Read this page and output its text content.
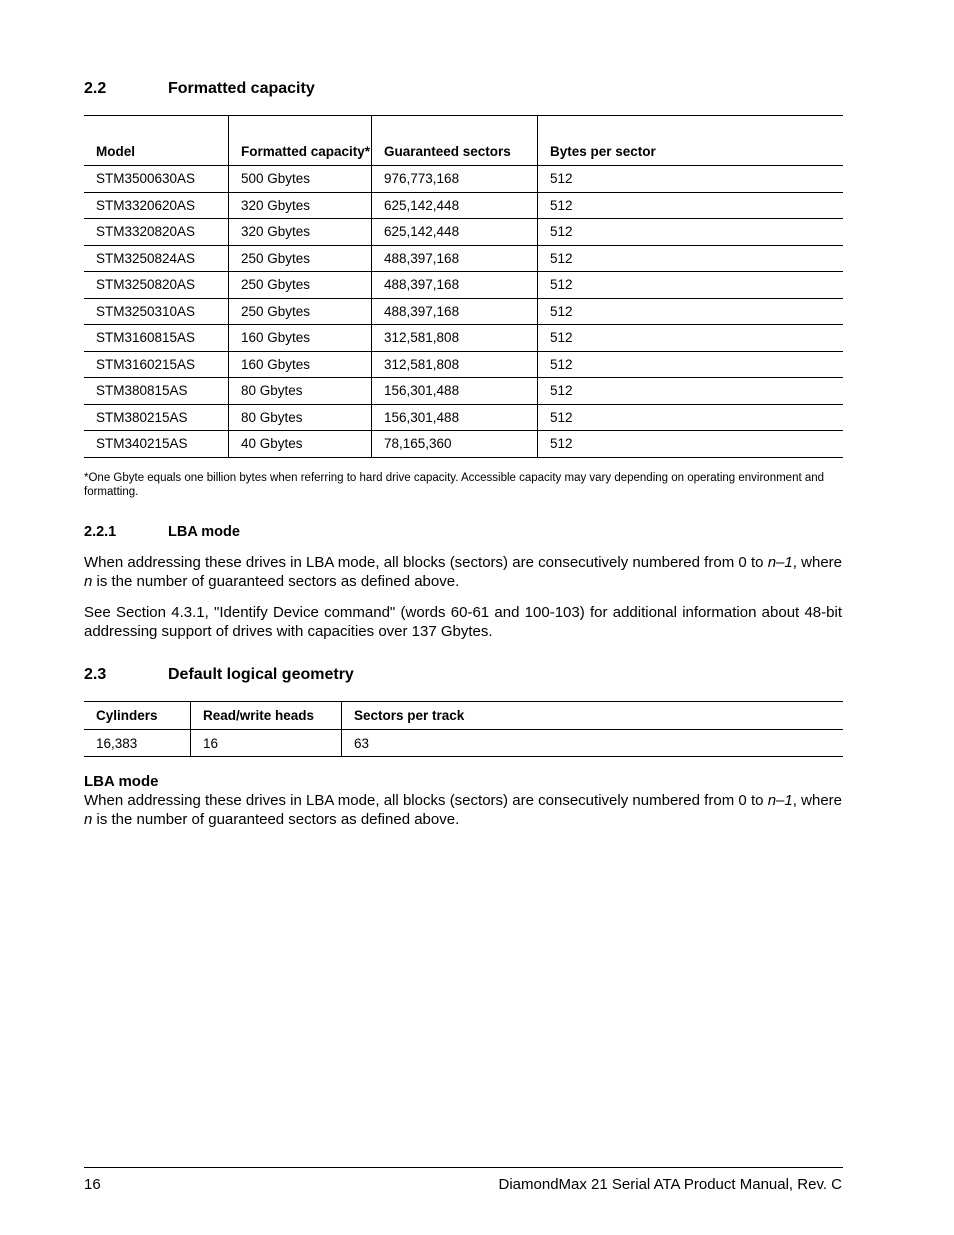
2.2	Formatted capacity
Model	Formatted capacity*	Guaranteed sectors	Bytes per sector
STM3500630AS	500 Gbytes	976,773,168	512
STM3320620AS	320 Gbytes	625,142,448	512
STM3320820AS	320 Gbytes	625,142,448	512
STM3250824AS	250 Gbytes	488,397,168	512
STM3250820AS	250 Gbytes	488,397,168	512
STM3250310AS	250 Gbytes	488,397,168	512
STM3160815AS	160 Gbytes	312,581,808	512
STM3160215AS	160 Gbytes	312,581,808	512
STM380815AS	80 Gbytes	156,301,488	512
STM380215AS	80 Gbytes	156,301,488	512
STM340215AS	40 Gbytes	78,165,360	512
*One Gbyte equals one billion bytes when referring to hard drive capacity. Accessible capacity may vary depending on operating environment and formatting.
2.2.1	LBA mode
When addressing these drives in LBA mode, all blocks (sectors) are consecutively numbered from 0 to n–1, where n is the number of guaranteed sectors as defined above.
See Section 4.3.1, "Identify Device command" (words 60-61 and 100-103) for additional information about 48-bit addressing support of drives with capacities over 137 Gbytes.
2.3	Default logical geometry
Cylinders	Read/write heads	Sectors per track
16,383	16	63
LBA mode
When addressing these drives in LBA mode, all blocks (sectors) are consecutively numbered from 0 to n–1, where n is the number of guaranteed sectors as defined above.
16	DiamondMax 21 Serial ATA Product Manual, Rev. C
